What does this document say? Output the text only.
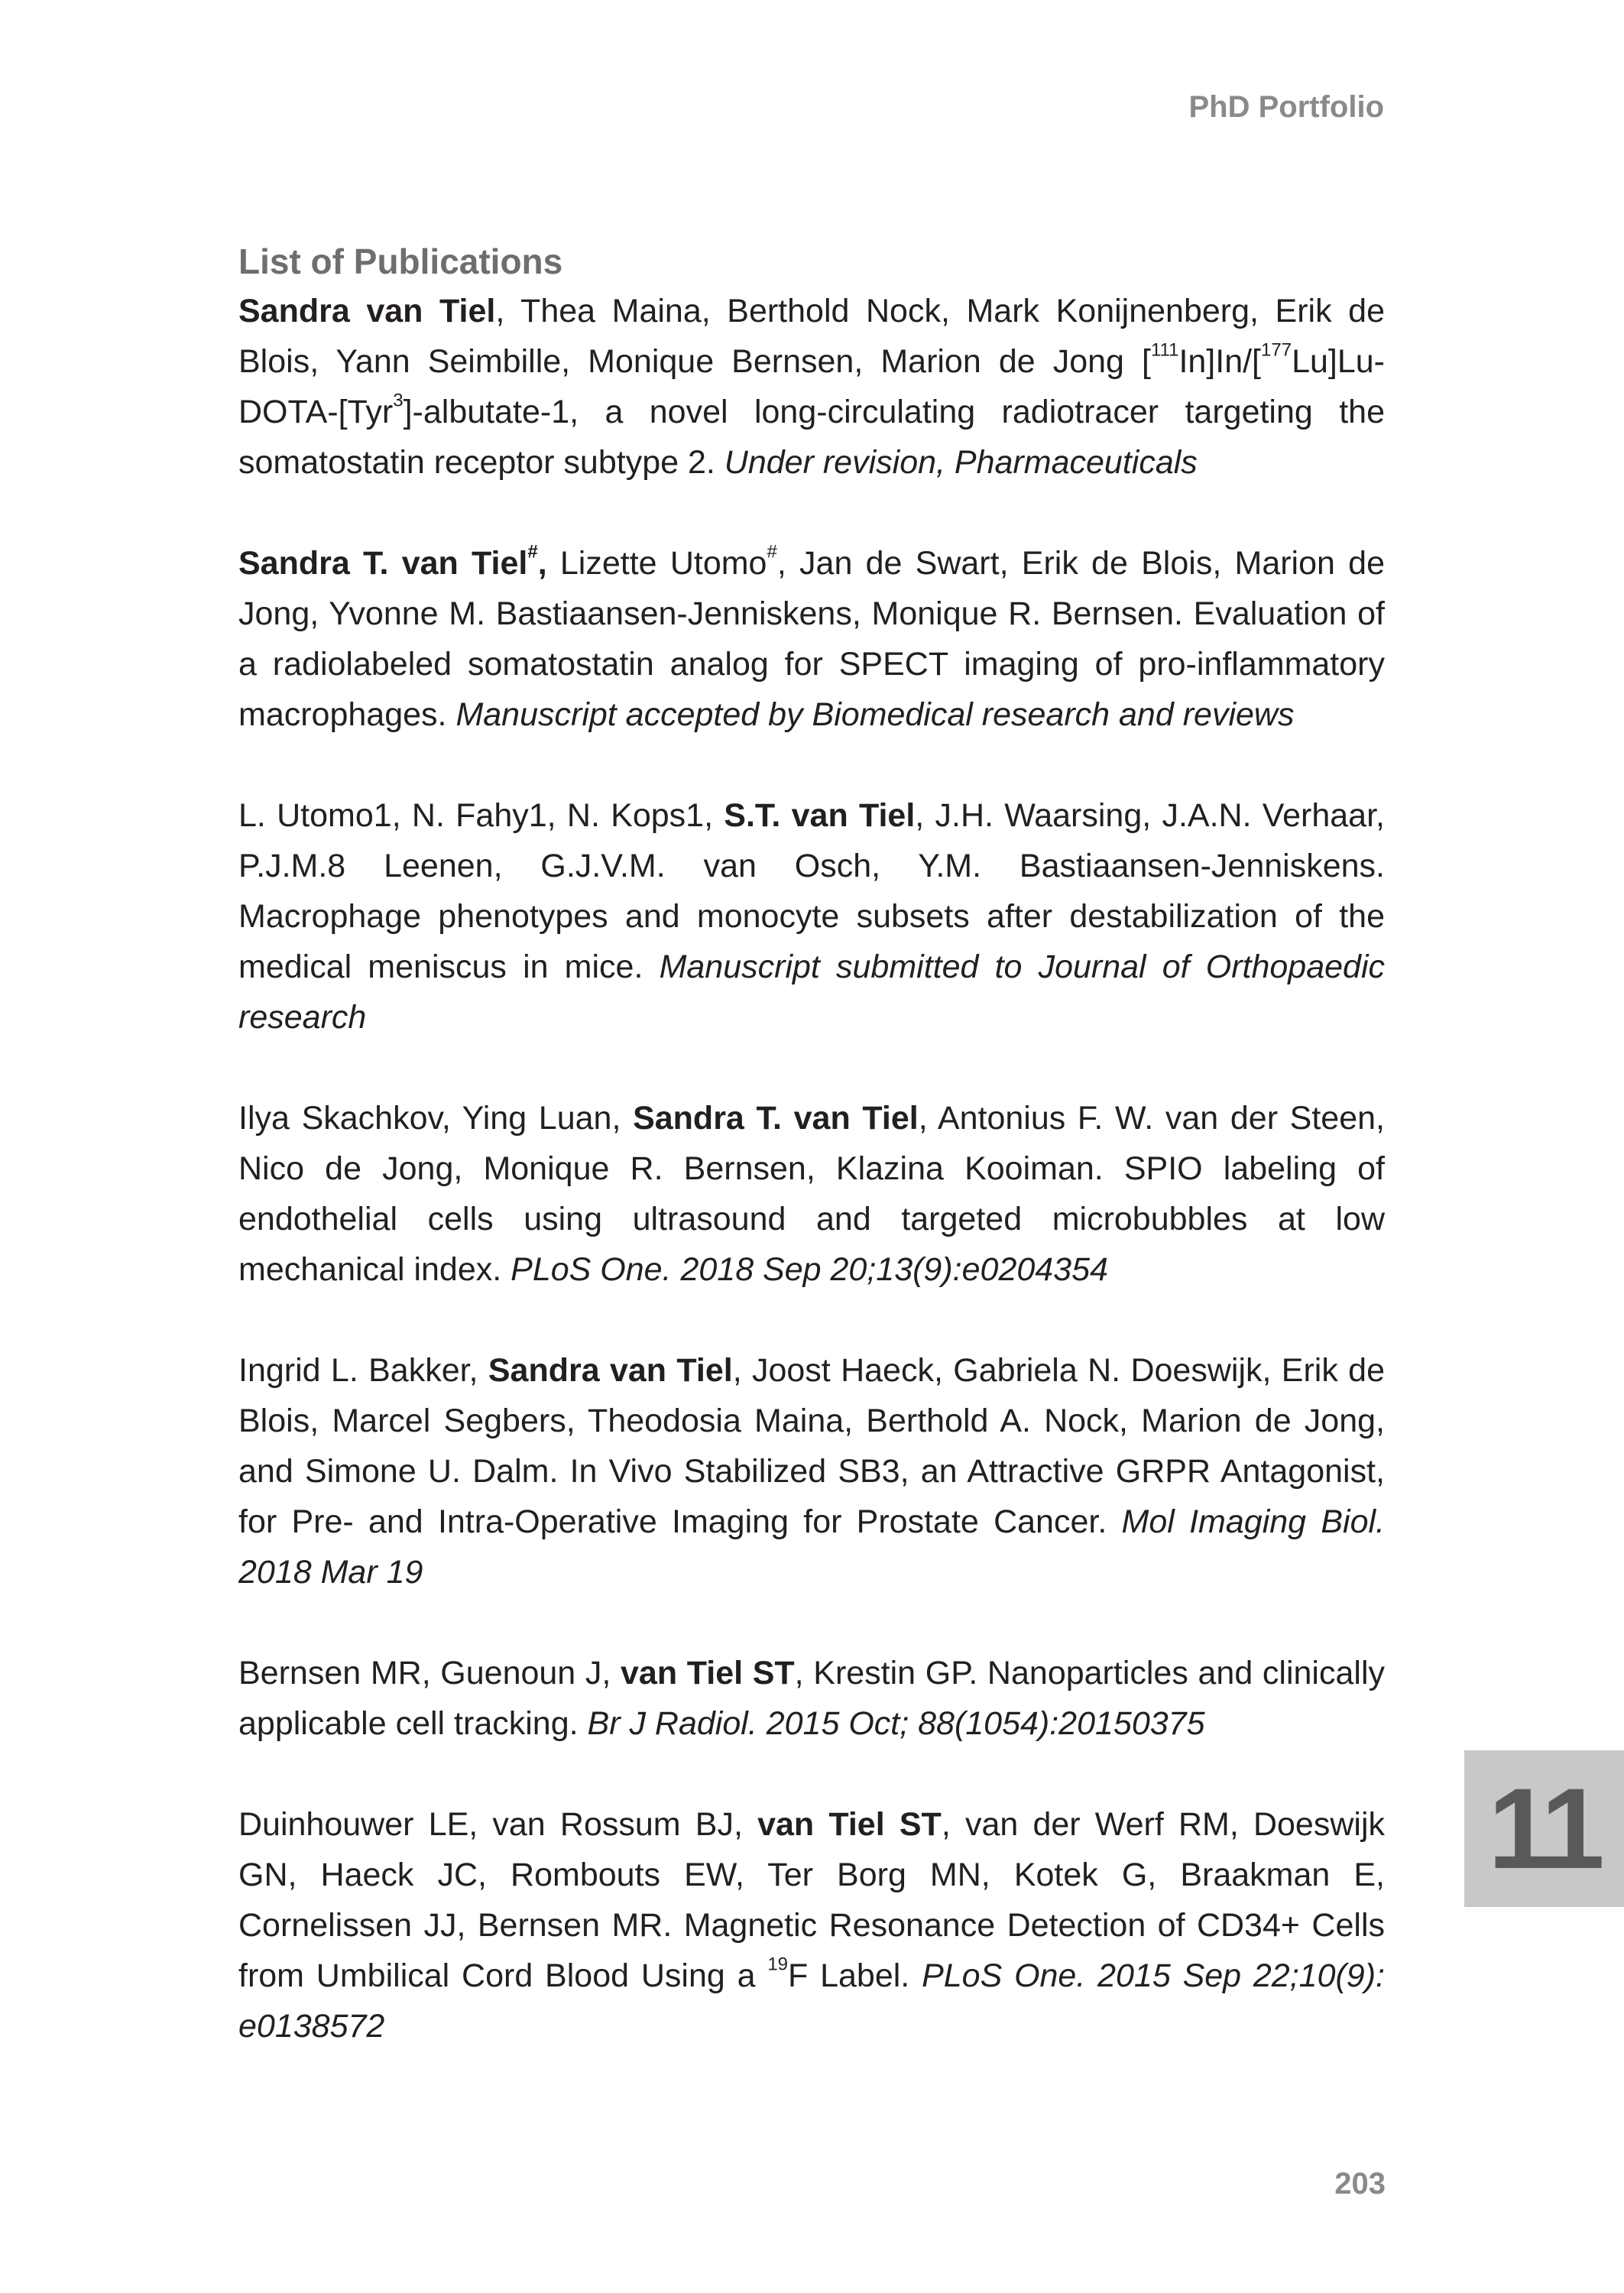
PhD Portfolio
List of Publications

Sandra van Tiel, Thea Maina, Berthold Nock, Mark Konijnenberg, Erik de Blois, Yann Seimbille, Monique Bernsen, Marion de Jong [$^{111}$In]In/[$^{177}$Lu]Lu-DOTA-[Tyr$^3$]-albutate-1, a novel long-circulating radiotracer targeting the somatostatin receptor subtype 2. Under revision, Pharmaceuticals

Sandra T. van Tiel#, Lizette Utomo#, Jan de Swart, Erik de Blois, Marion de Jong, Yvonne M. Bastiaansen-Jenniskens, Monique R. Bernsen. Evaluation of a radiolabeled somatostatin analog for SPECT imaging of pro-inflammatory macrophages. Manuscript accepted by Biomedical research and reviews

L. Utomo1, N. Fahy1, N. Kops1, S.T. van Tiel, J.H. Waarsing, J.A.N. Verhaar, P.J.M.8 Leenen, G.J.V.M. van Osch, Y.M. Bastiaansen-Jenniskens. Macrophage phenotypes and monocyte subsets after destabilization of the medical meniscus in mice. Manuscript submitted to Journal of Orthopaedic research

Ilya Skachkov, Ying Luan, Sandra T. van Tiel, Antonius F. W. van der Steen, Nico de Jong, Monique R. Bernsen, Klazina Kooiman. SPIO labeling of endothelial cells using ultrasound and targeted microbubbles at low mechanical index. PLoS One. 2018 Sep 20;13(9):e0204354

Ingrid L. Bakker, Sandra van Tiel, Joost Haeck, Gabriela N. Doeswijk, Erik de Blois, Marcel Segbers, Theodosia Maina, Berthold A. Nock, Marion de Jong, and Simone U. Dalm. In Vivo Stabilized SB3, an Attractive GRPR Antagonist, for Pre- and Intra-Operative Imaging for Prostate Cancer. Mol Imaging Biol. 2018 Mar 19

Bernsen MR, Guenoun J, van Tiel ST, Krestin GP. Nanoparticles and clinically applicable cell tracking. Br J Radiol. 2015 Oct; 88(1054):20150375

Duinhouwer LE, van Rossum BJ, van Tiel ST, van der Werf RM, Doeswijk GN, Haeck JC, Rombouts EW, Ter Borg MN, Kotek G, Braakman E, Cornelissen JJ, Bernsen MR. Magnetic Resonance Detection of CD34+ Cells from Umbilical Cord Blood Using a $^{19}$F Label. PLoS One. 2015 Sep 22;10(9): e0138572

11
203
